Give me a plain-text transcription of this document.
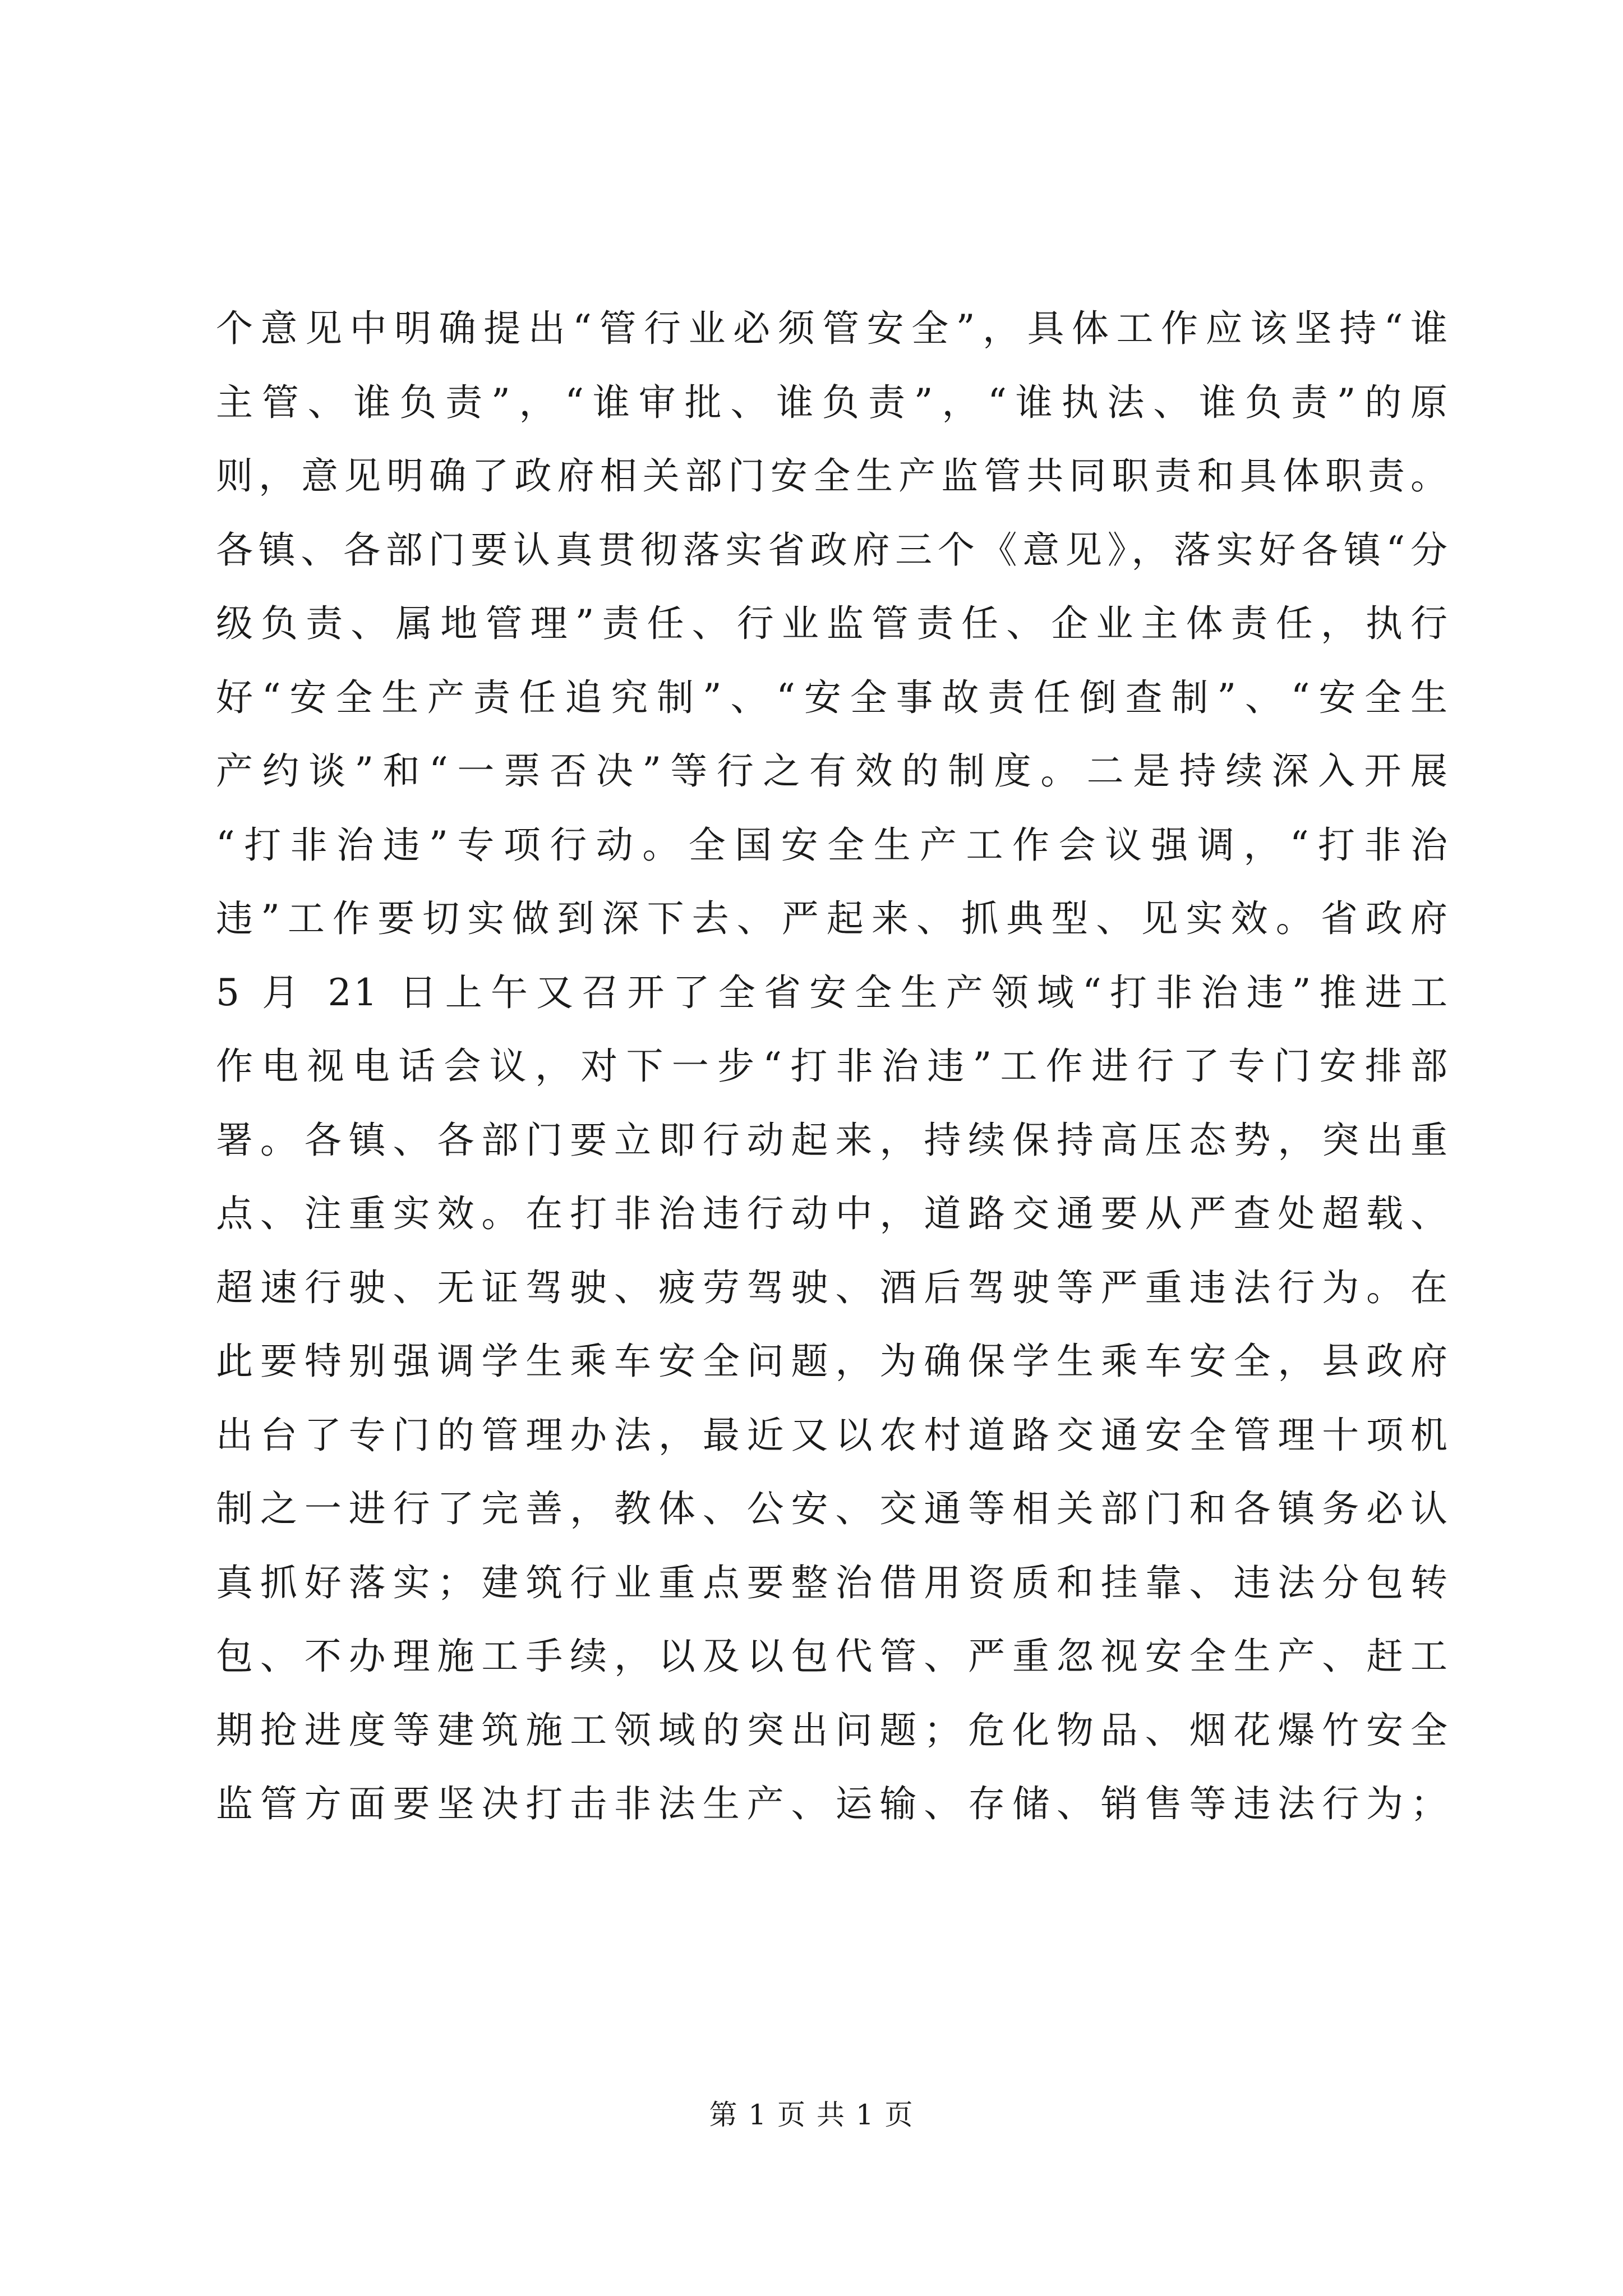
个意见中明确提出“管行业必须管安全”，具体工作应该坚持“谁
主管、谁负责”，“谁审批、谁负责”，“谁执法、谁负责”的原
则，意见明确了政府相关部门安全生产监管共同职责和具体职责。
各镇、各部门要认真贯彻落实省政府三个《意见》，落实好各镇“分
级负责、属地管理”责任、行业监管责任、企业主体责任，执行
好“安全生产责任追究制”、“安全事故责任倒查制”、“安全生
产约谈”和“一票否决”等行之有效的制度。二是持续深入开展
“打非治违”专项行动。全国安全生产工作会议强调，“打非治
违”工作要切实做到深下去、严起来、抓典型、见实效。省政府
5 月 21 日上午又召开了全省安全生产领域“打非治违”推进工
作电视电话会议，对下一步“打非治违”工作进行了专门安排部
署。各镇、各部门要立即行动起来，持续保持高压态势，突出重
点、注重实效。在打非治违行动中，道路交通要从严查处超载、
超速行驶、无证驾驶、疲劳驾驶、酒后驾驶等严重违法行为。在
此要特别强调学生乘车安全问题，为确保学生乘车安全，县政府
出台了专门的管理办法，最近又以农村道路交通安全管理十项机
制之一进行了完善，教体、公安、交通等相关部门和各镇务必认
真抓好落实；建筑行业重点要整治借用资质和挂靠、违法分包转
包、不办理施工手续，以及以包代管、严重忽视安全生产、赶工
期抢进度等建筑施工领域的突出问题；危化物品、烟花爆竹安全
监管方面要坚决打击非法生产、运输、存储、销售等违法行为；
第 1 页 共 1 页
